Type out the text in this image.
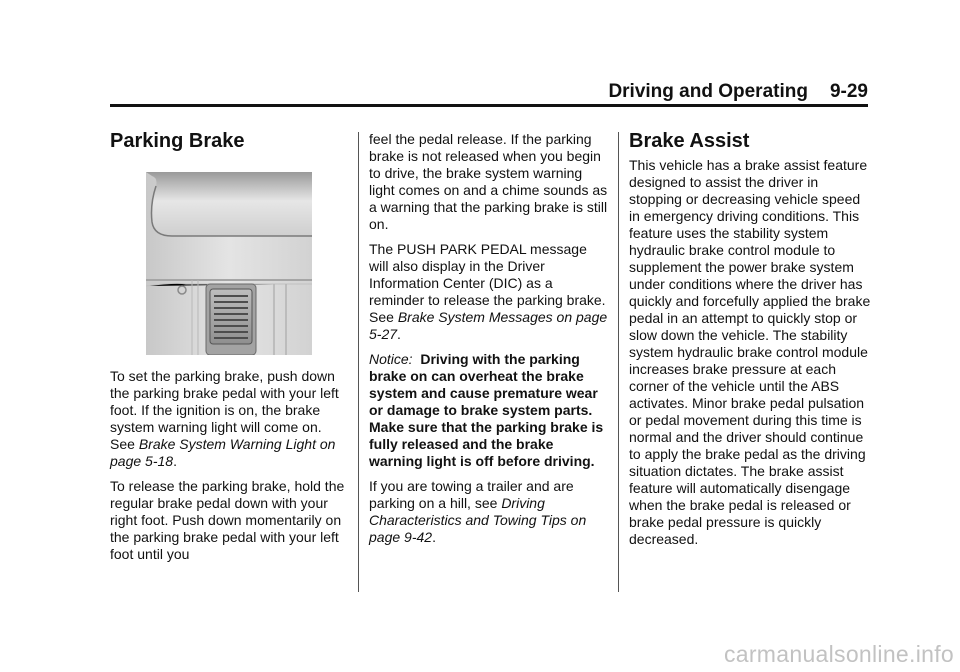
Driving and Operating 9-29
Parking Brake

To set the parking brake, push down the parking brake pedal with your left foot. If the ignition is on, the brake system warning light will come on. See Brake System Warning Light on page 5-18.

To release the parking brake, hold the regular brake pedal down with your right foot. Push down momentarily on the parking brake pedal with your left foot until you

feel the pedal release. If the parking brake is not released when you begin to drive, the brake system warning light comes on and a chime sounds as a warning that the parking brake is still on.

The PUSH PARK PEDAL message will also display in the Driver Information Center (DIC) as a reminder to release the parking brake. See Brake System Messages on page 5-27.

Notice: Driving with the parking brake on can overheat the brake system and cause premature wear or damage to brake system parts. Make sure that the parking brake is fully released and the brake warning light is off before driving.

If you are towing a trailer and are parking on a hill, see Driving Characteristics and Towing Tips on page 9-42.

Brake Assist

This vehicle has a brake assist feature designed to assist the driver in stopping or decreasing vehicle speed in emergency driving conditions. This feature uses the stability system hydraulic brake control module to supplement the power brake system under conditions where the driver has quickly and forcefully applied the brake pedal in an attempt to quickly stop or slow down the vehicle. The stability system hydraulic brake control module increases brake pressure at each corner of the vehicle until the ABS activates. Minor brake pedal pulsation or pedal movement during this time is normal and the driver should continue to apply the brake pedal as the driving situation dictates. The brake assist feature will automatically disengage when the brake pedal is released or brake pedal pressure is quickly decreased.

carmanualsonline.info
